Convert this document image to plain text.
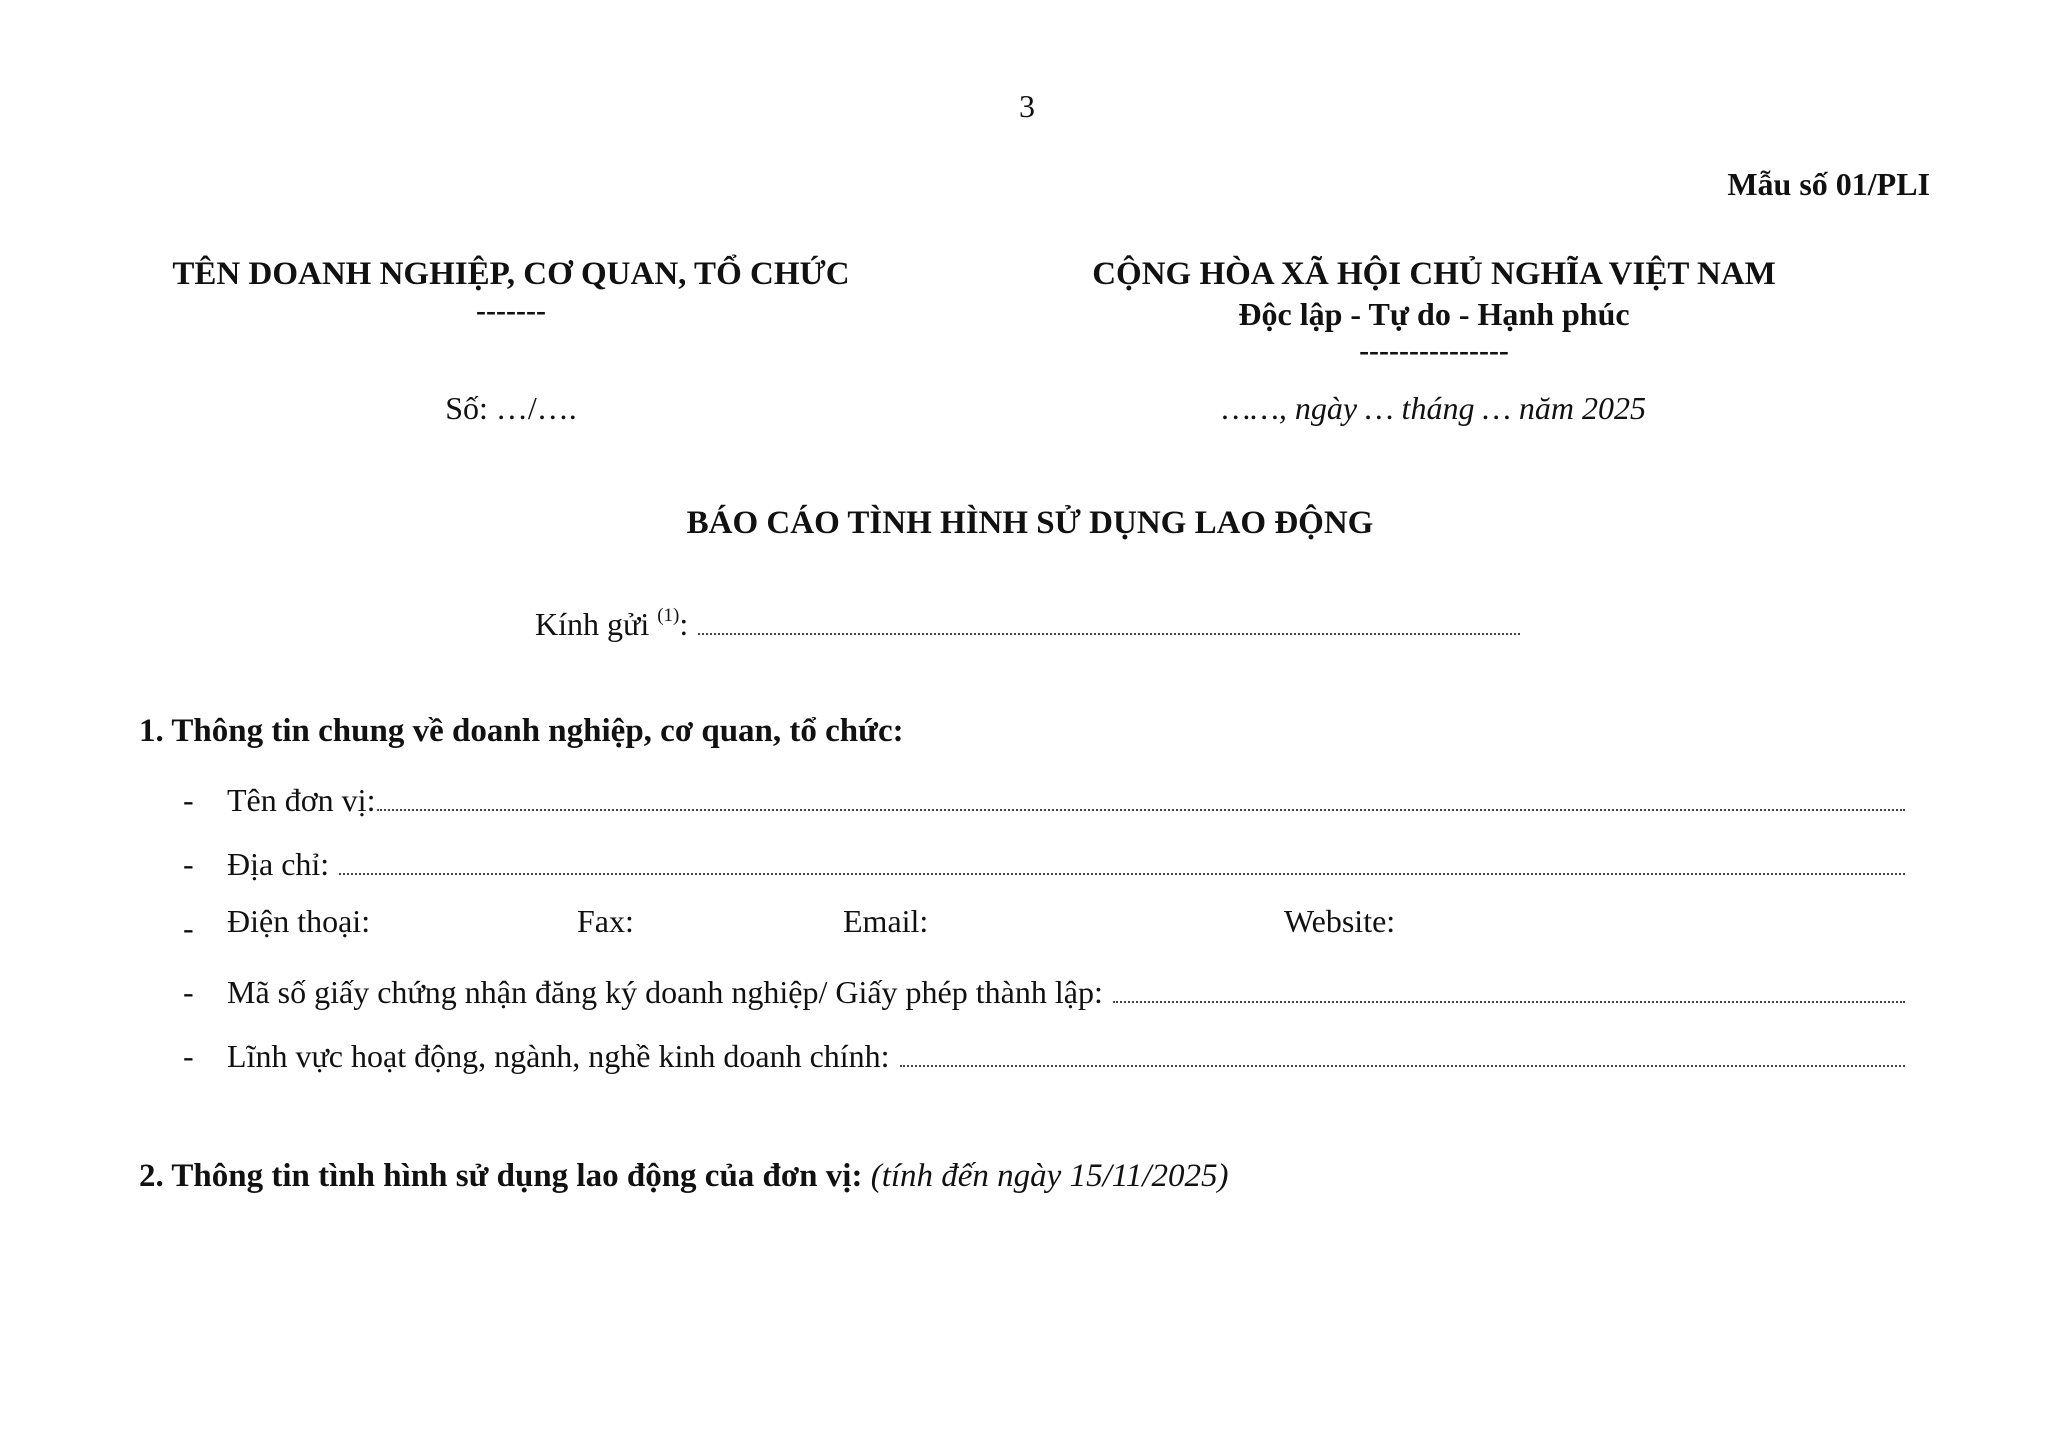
3
Mẫu số 01/PLI
TÊN DOANH NGHIỆP, CƠ QUAN, TỔ CHỨC
-------
Số: …/….
CỘNG HÒA XÃ HỘI CHỦ NGHĨA VIỆT NAM
Độc lập - Tự do - Hạnh phúc
---------------
……, ngày … tháng … năm 2025
BÁO CÁO TÌNH HÌNH SỬ DỤNG LAO ĐỘNG
Kính gửi $^{(1)}$:
1. Thông tin chung về doanh nghiệp, cơ quan, tổ chức:
-	Tên đơn vị:
-	Địa chỉ:
-	Điện thoại:	Fax:	Email:	Website:
-	Mã số giấy chứng nhận đăng ký doanh nghiệp/ Giấy phép thành lập:
-	Lĩnh vực hoạt động, ngành, nghề kinh doanh chính:
2. Thông tin tình hình sử dụng lao động của đơn vị: (tính đến ngày 15/11/2025)
